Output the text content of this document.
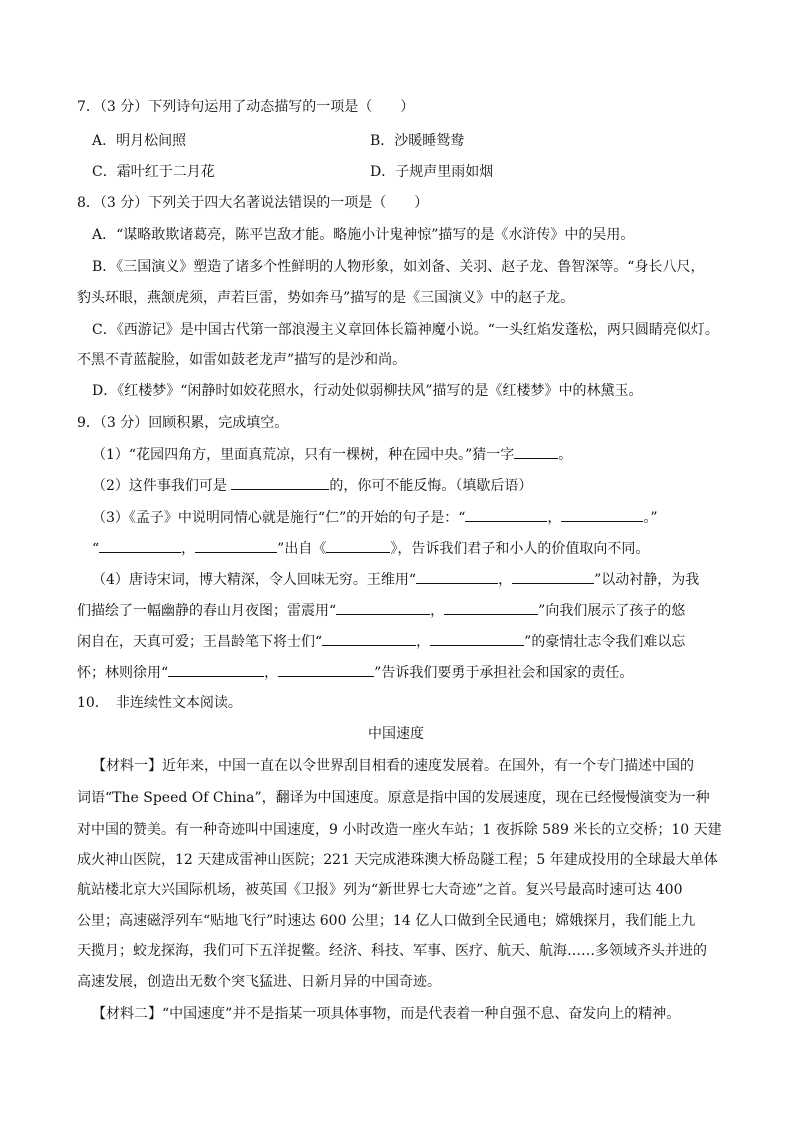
7．（3 分）下列诗句运用了动态描写的一项是（　　）
A．明月松间照	B．沙暖睡鸳鸯
C．霜叶红于二月花	D．子规声里雨如烟
8．（3 分）下列关于四大名著说法错误的一项是（　　）
A．“谋略敢欺诸葛亮，陈平岂敌才能。略施小计鬼神惊”描写的是《水浒传》中的吴用。
B．《三国演义》塑造了诸多个性鲜明的人物形象，如刘备、关羽、赵子龙、鲁智深等。“身长八尺，
豹头环眼，燕颔虎须，声若巨雷，势如奔马”描写的是《三国演义》中的赵子龙。
C．《西游记》是中国古代第一部浪漫主义章回体长篇神魔小说。“一头红焰发蓬松，两只圆睛亮似灯。
不黑不青蓝靛脸，如雷如鼓老龙声”描写的是沙和尚。
D．《红楼梦》“闲静时如姣花照水，行动处似弱柳扶风”描写的是《红楼梦》中的林黛玉。
9．（3 分）回顾积累，完成填空。
（1）“花园四角方，里面真荒凉，只有一棵树，种在园中央。”猜一字	。
（2）这件事我们可是	的，你可不能反悔。（填歇后语）
（3）《孟子》中说明同情心就是施行“仁”的开始的句子是：“	，	。”
“	，	”出自《	》，告诉我们君子和小人的价值取向不同。
（4）唐诗宋词，博大精深，令人回味无穷。王维用“	，	”以动衬静，为我
们描绘了一幅幽静的春山月夜图；雷震用“	，	”向我们展示了孩子的悠
闲自在，天真可爱；王昌龄笔下将士们“	，	”的豪情壮志令我们难以忘
怀；林则徐用“	，	”告诉我们要勇于承担社会和国家的责任。
10．　非连续性文本阅读。
中国速度
【材料一】近年来，中国一直在以令世界刮目相看的速度发展着。在国外，有一个专门描述中国的
词语“The Speed Of China”，翻译为中国速度。原意是指中国的发展速度，现在已经慢慢演变为一种
对中国的赞美。有一种奇迹叫中国速度，9 小时改造一座火车站；1 夜拆除 589 米长的立交桥；10 天建
成火神山医院，12 天建成雷神山医院；221 天完成港珠澳大桥岛隧工程；5 年建成投用的全球最大单体
航站楼北京大兴国际机场，被英国《卫报》列为“新世界七大奇迹”之首。复兴号最高时速可达 400
公里；高速磁浮列车“贴地飞行”时速达 600 公里；14 亿人口做到全民通电；嫦娥探月，我们能上九
天揽月；蛟龙探海，我们可下五洋捉鳖。经济、科技、军事、医疗、航天、航海……多领域齐头并进的
高速发展，创造出无数个突飞猛进、日新月异的中国奇迹。
【材料二】“中国速度”并不是指某一项具体事物，而是代表着一种自强不息、奋发向上的精神。
